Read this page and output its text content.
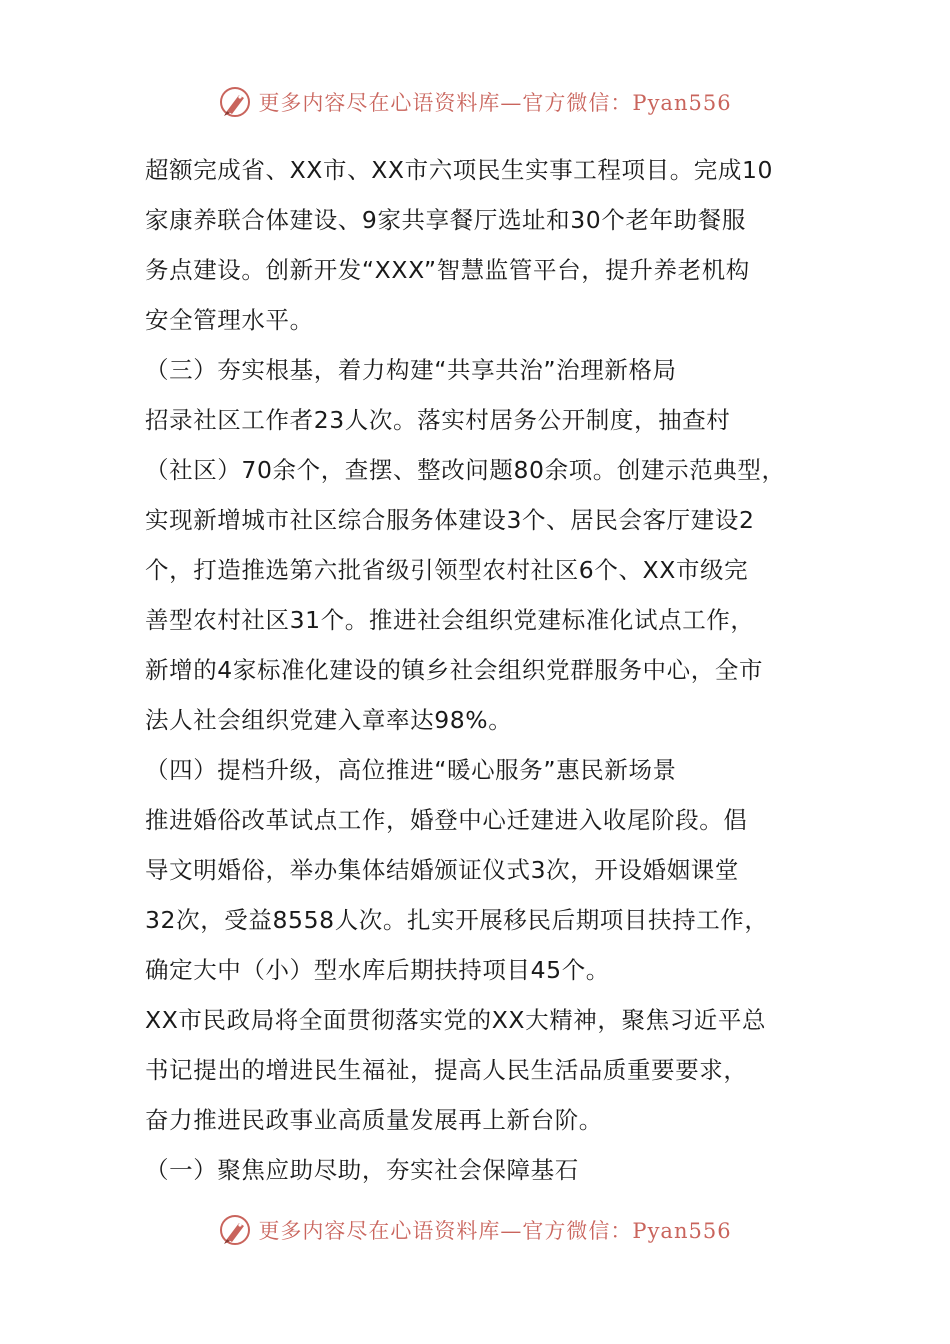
更多内容尽在心语资料库—官方微信：Pyan556
超额完成省、XX市、XX市六项民生实事工程项目。完成10
家康养联合体建设、9家共享餐厅选址和30个老年助餐服
务点建设。创新开发“XXX”智慧监管平台，提升养老机构
安全管理水平。
（三）夯实根基，着力构建“共享共治”治理新格局
招录社区工作者23人次。落实村居务公开制度，抽查村
（社区）70余个，查摆、整改问题80余项。创建示范典型，
实现新增城市社区综合服务体建设3个、居民会客厅建设2
个，打造推选第六批省级引领型农村社区6个、XX市级完
善型农村社区31个。推进社会组织党建标准化试点工作，
新增的4家标准化建设的镇乡社会组织党群服务中心，全市
法人社会组织党建入章率达98%。
（四）提档升级，高位推进“暖心服务”惠民新场景
推进婚俗改革试点工作，婚登中心迁建进入收尾阶段。倡
导文明婚俗，举办集体结婚颁证仪式3次，开设婚姻课堂
32次，受益8558人次。扎实开展移民后期项目扶持工作，
确定大中（小）型水库后期扶持项目45个。
XX市民政局将全面贯彻落实党的XX大精神，聚焦习近平总
书记提出的增进民生福祉，提高人民生活品质重要要求，
奋力推进民政事业高质量发展再上新台阶。
（一）聚焦应助尽助，夯实社会保障基石
更多内容尽在心语资料库—官方微信：Pyan556
